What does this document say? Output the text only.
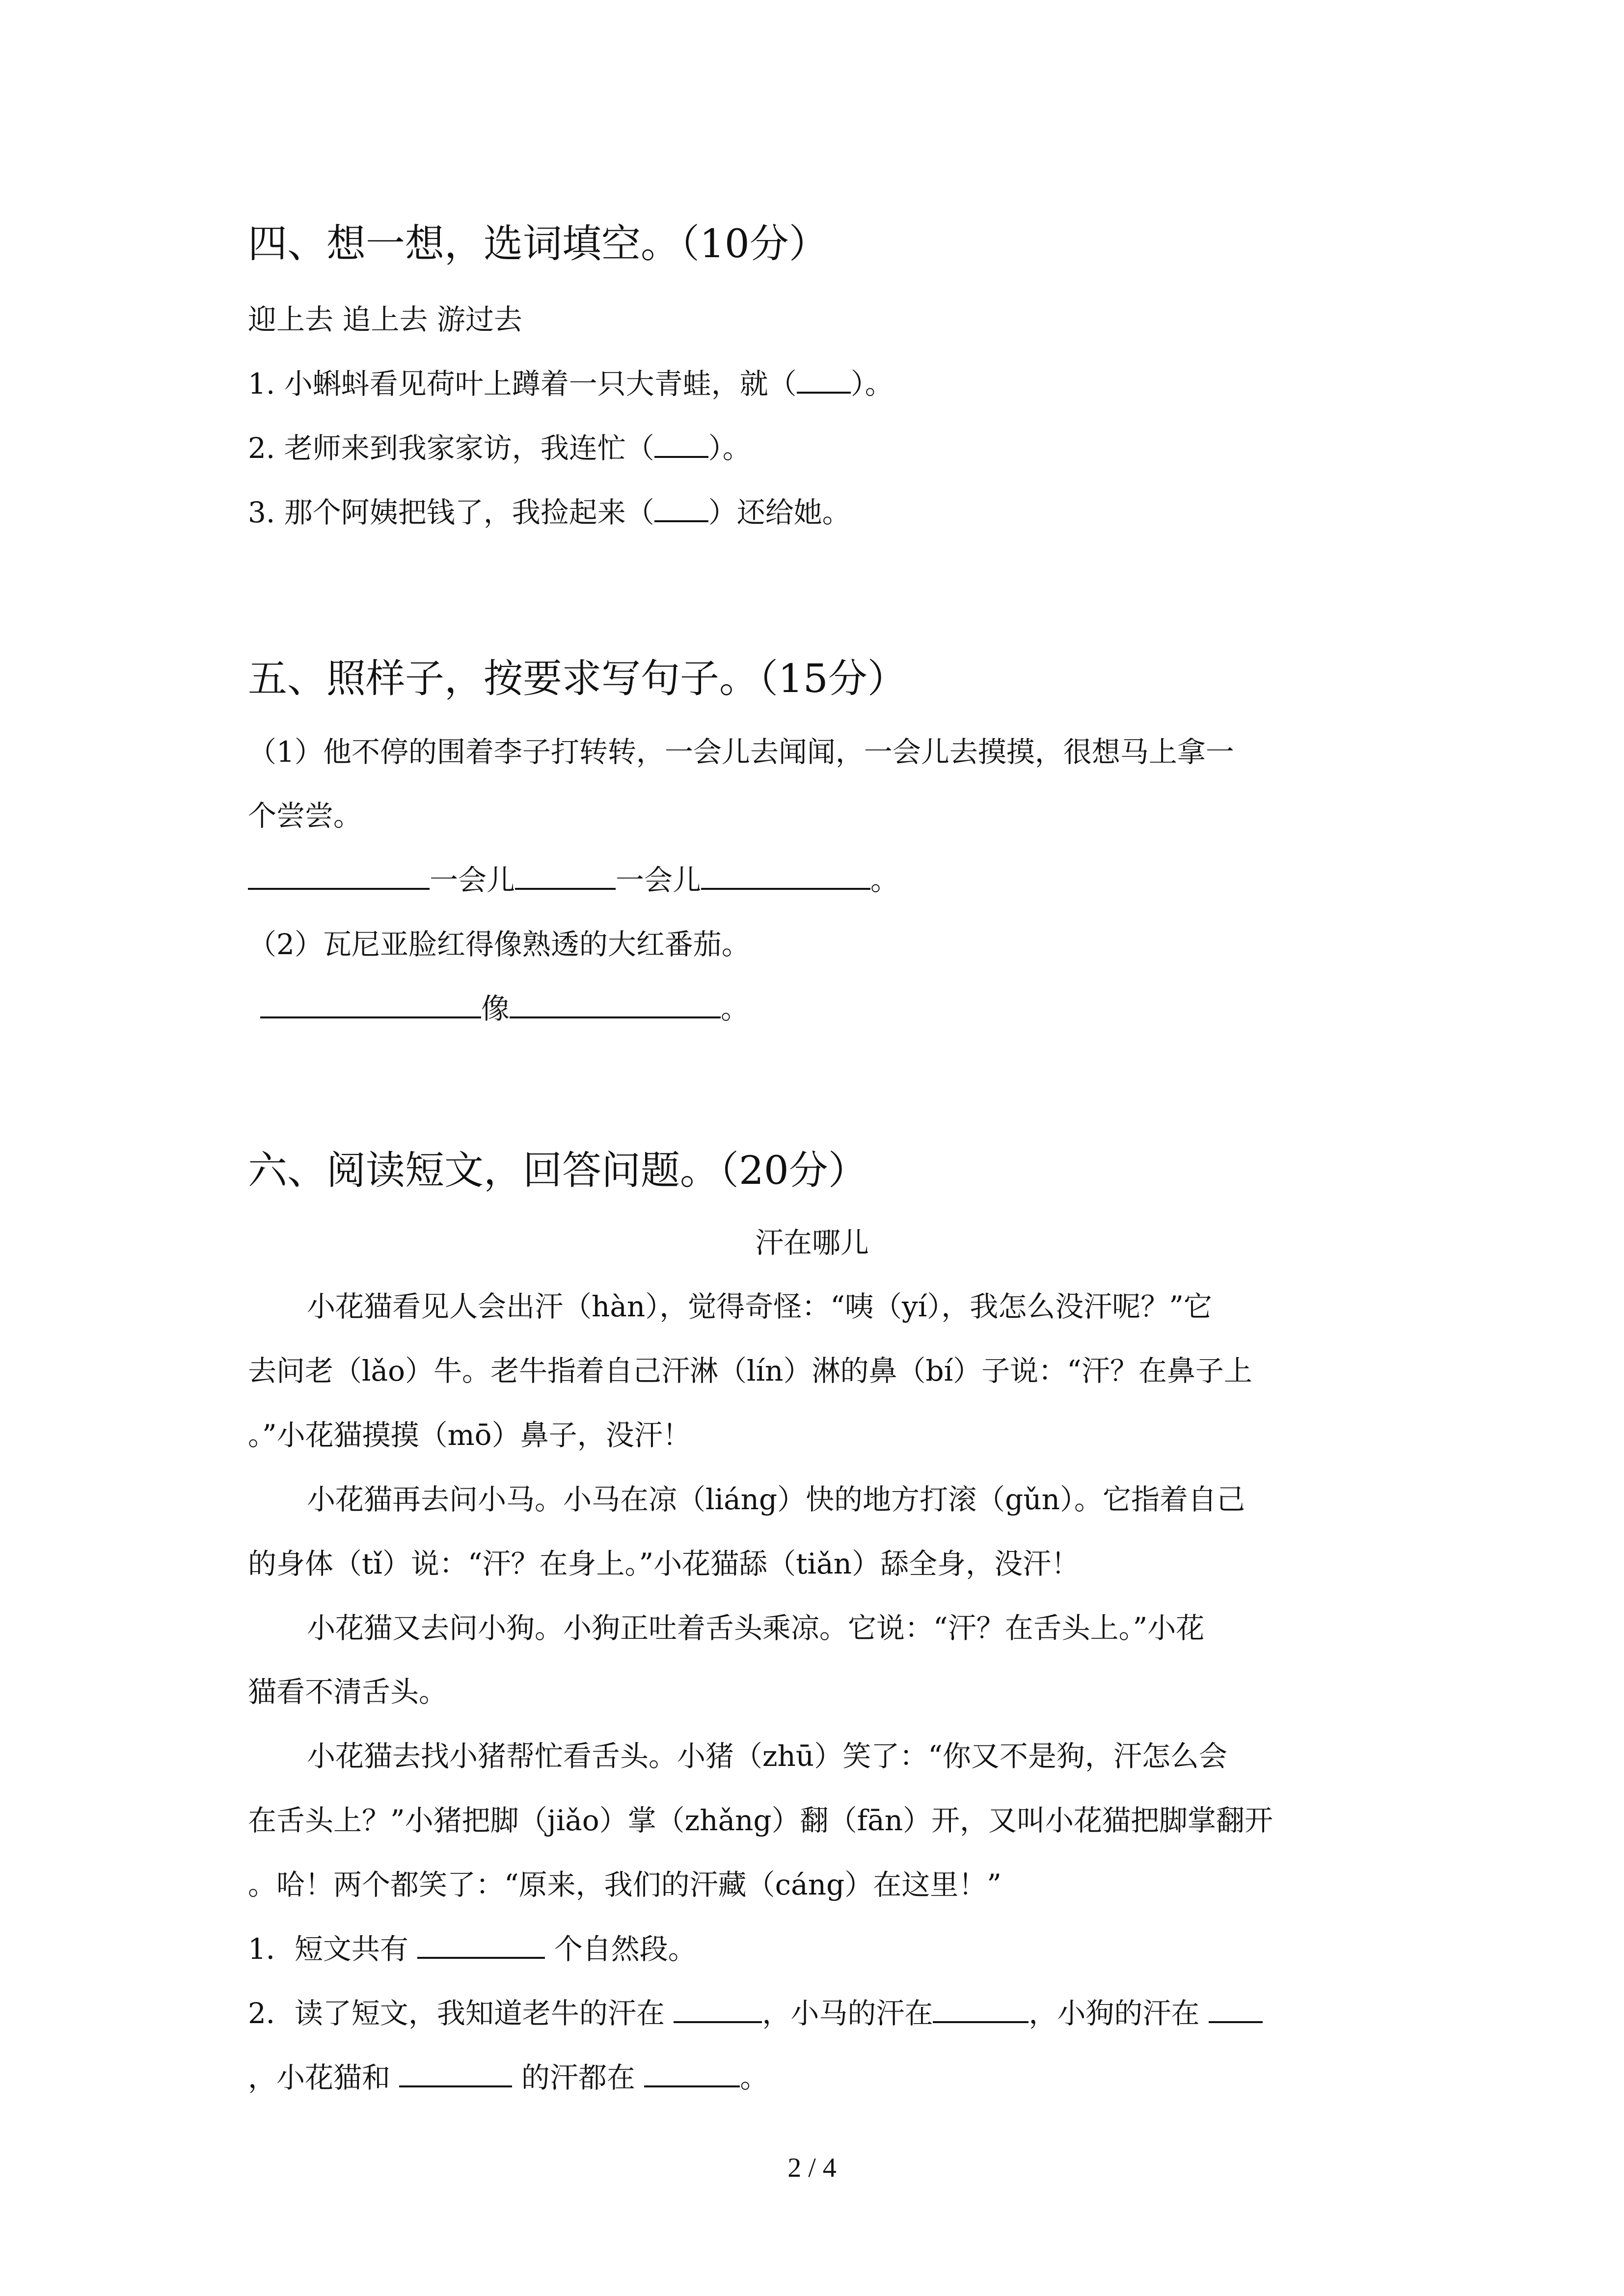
四、想一想，选词填空。（10分）
迎上去 追上去 游过去
1. 小蝌蚪看见荷叶上蹲着一只大青蛙，就（ ）。
2. 老师来到我家家访，我连忙（ ）。
3. 那个阿姨把钱了，我捡起来（ ）还给她。
五、照样子，按要求写句子。（15分）
（1）他不停的围着李子打转转，一会儿去闻闻，一会儿去摸摸，很想马上拿一
个尝尝。
一会儿	一会儿	。
（2）瓦尼亚脸红得像熟透的大红番茄。
像	。
六、阅读短文，回答问题。（20分）
汗在哪儿
小花猫看见人会出汗（hàn），觉得奇怪：“咦（yí），我怎么没汗呢？”它
去问老（lǎo）牛。老牛指着自己汗淋（lín）淋的鼻（bí）子说：“汗？在鼻子上
。”小花猫摸摸（mō）鼻子，没汗！
小花猫再去问小马。小马在凉（liáng）快的地方打滚（gǔn）。它指着自己
的身体（tǐ）说：“汗？在身上。”小花猫舔（tiǎn）舔全身，没汗！
小花猫又去问小狗。小狗正吐着舌头乘凉。它说：“汗？在舌头上。”小花
猫看不清舌头。
小花猫去找小猪帮忙看舌头。小猪（zhū）笑了：“你又不是狗，汗怎么会
在舌头上？”小猪把脚（jiǎo）掌（zhǎng）翻（fān）开，又叫小花猫把脚掌翻开
。哈！两个都笑了：“原来，我们的汗藏（cáng）在这里！”
1．短文共有	个自然段。
2．读了短文，我知道老牛的汗在	，小马的汗在	，小狗的汗在
，小花猫和	的汗都在	。
2 / 4
